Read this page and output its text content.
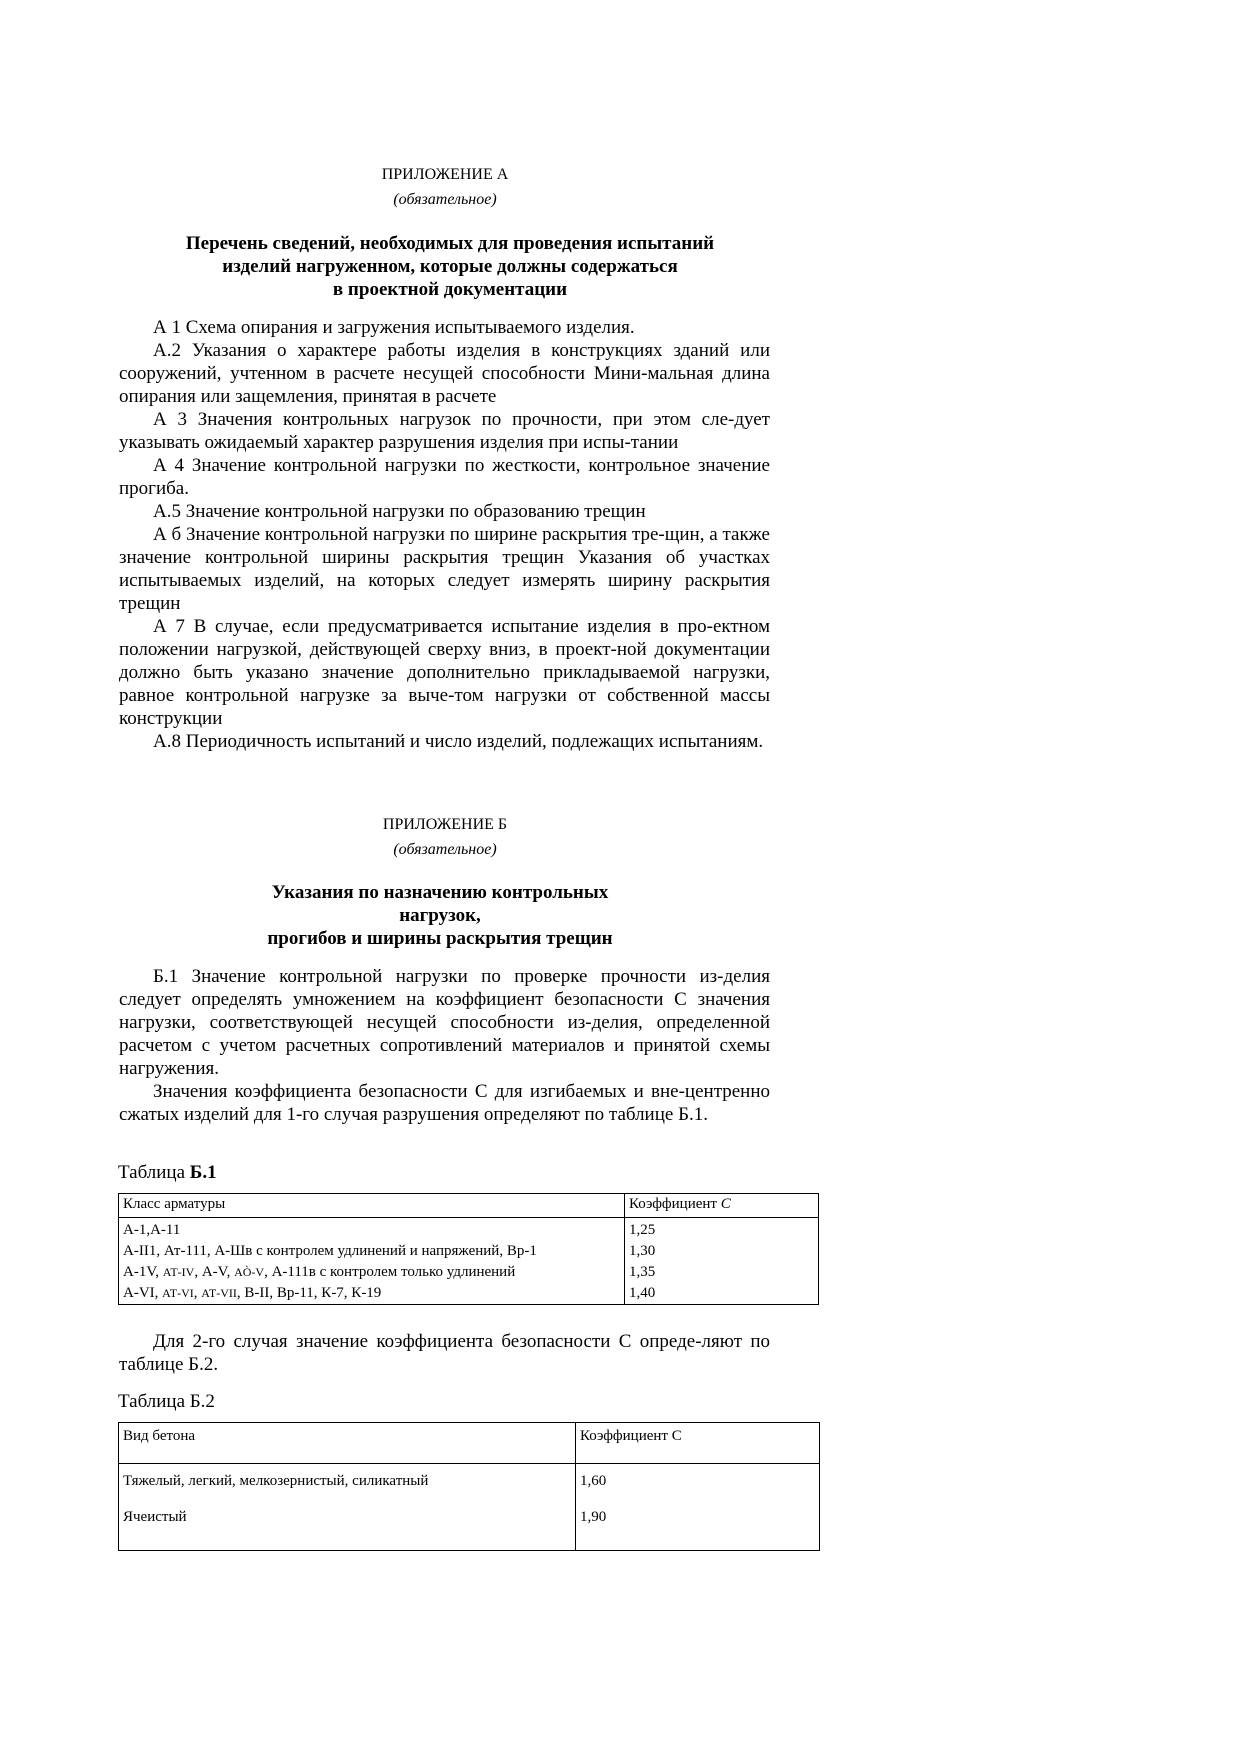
ПРИЛОЖЕНИЕ А
(обязательное)
Перечень сведений, необходимых для проведения испытаний
изделий нагруженном, которые должны содержаться
в проектной документации

А 1 Схема опирания и загружения испытываемого изделия.

А.2 Указания о характере работы изделия в конструкциях зданий или сооружений, учтенном в расчете несущей способности Мини-мальная длина опирания или защемления, принятая в расчете

А 3 Значения контрольных нагрузок по прочности, при этом сле-дует указывать ожидаемый характер разрушения изделия при испы-тании

А 4 Значение контрольной нагрузки по жесткости, контрольное значение прогиба.

А.5 Значение контрольной нагрузки по образованию трещин

А б Значение контрольной нагрузки по ширине раскрытия тре-щин, а также значение контрольной ширины раскрытия трещин Указания об участках испытываемых изделий, на которых следует измерять ширину раскрытия трещин

А 7 В случае, если предусматривается испытание изделия в про-ектном положении нагрузкой, действующей сверху вниз, в проект-ной документации должно быть указано значение дополнительно прикладываемой нагрузки, равное контрольной нагрузке за выче-том нагрузки от собственной массы конструкции

А.8 Периодичность испытаний и число изделий, подлежащих испытаниям.

ПРИЛОЖЕНИЕ Б
(обязательное)
Указания по назначению контрольных
нагрузок,
прогибов и ширины раскрытия трещин

Б.1 Значение контрольной нагрузки по проверке прочности из-делия следует определять умножением на коэффициент безопасности С значения нагрузки, соответствующей несущей способности из-делия, определенной расчетом с учетом расчетных сопротивлений материалов и принятой схемы нагружения.

Значения коэффициента безопасности С для изгибаемых и вне-центренно сжатых изделий для 1-го случая разрушения определяют по таблице Б.1.

Таблица Б.1
Класс арматуры	Коэффициент С
А-1,А-11	1,25
А-II1, Ат-111, А-Шв с контролем удлинений и напряжений, Вр-1	1,30
А-1V, АТ-IV, А-V, АÒ-V, А-111в с контролем только удлинений	1,35
А-VI, АТ-VI, АТ-VII, В-II, Вр-11, К-7, К-19	1,40

Для 2-го случая значение коэффициента безопасности С опреде-ляют по таблице Б.2.

Таблица Б.2
Вид бетона	Коэффициент С
Тяжелый, легкий, мелкозернистый, силикатный	1,60
Ячеистый	1,90
